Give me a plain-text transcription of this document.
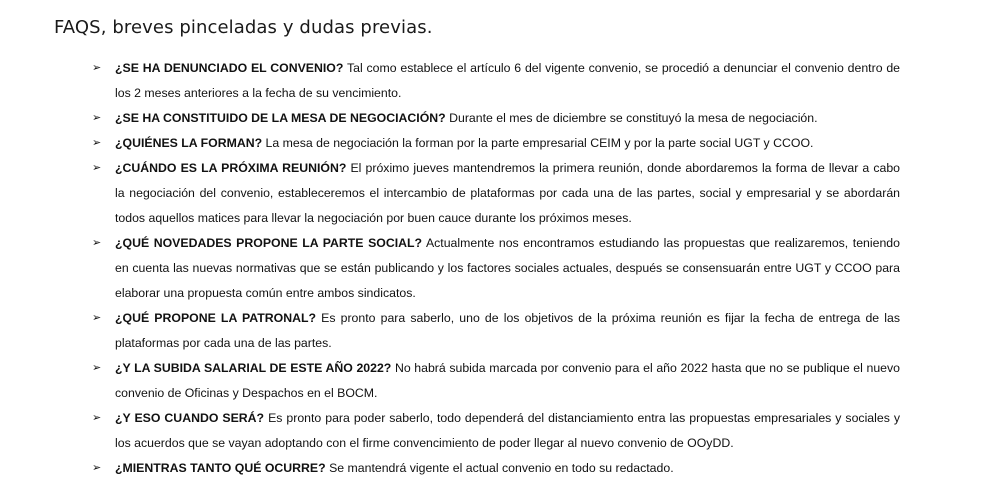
FAQS, breves pinceladas y dudas previas.
➢ ¿SE HA DENUNCIADO EL CONVENIO? Tal como establece el artículo 6 del vigente convenio, se procedió a denunciar el convenio dentro de los 2 meses anteriores a la fecha de su vencimiento.
➢ ¿SE HA CONSTITUIDO DE LA MESA DE NEGOCIACIÓN? Durante el mes de diciembre se constituyó la mesa de negociación.
➢ ¿QUIÉNES LA FORMAN? La mesa de negociación la forman por la parte empresarial CEIM y por la parte social UGT y CCOO.
➢ ¿CUÁNDO ES LA PRÓXIMA REUNIÓN? El próximo jueves mantendremos la primera reunión, donde abordaremos la forma de llevar a cabo la negociación del convenio, estableceremos el intercambio de plataformas por cada una de las partes, social y empresarial y se abordarán todos aquellos matices para llevar la negociación por buen cauce durante los próximos meses.
➢ ¿QUÉ NOVEDADES PROPONE LA PARTE SOCIAL? Actualmente nos encontramos estudiando las propuestas que realizaremos, teniendo en cuenta las nuevas normativas que se están publicando y los factores sociales actuales, después se consensuarán entre UGT y CCOO para elaborar una propuesta común entre ambos sindicatos.
➢ ¿QUÉ PROPONE LA PATRONAL? Es pronto para saberlo, uno de los objetivos de la próxima reunión es fijar la fecha de entrega de las plataformas por cada una de las partes.
➢ ¿Y LA SUBIDA SALARIAL DE ESTE AÑO 2022? No habrá subida marcada por convenio para el año 2022 hasta que no se publique el nuevo convenio de Oficinas y Despachos en el BOCM.
➢ ¿Y ESO CUANDO SERÁ? Es pronto para poder saberlo, todo dependerá del distanciamiento entra las propuestas empresariales y sociales y los acuerdos que se vayan adoptando con el firme convencimiento de poder llegar al nuevo convenio de OOyDD.
➢ ¿MIENTRAS TANTO QUÉ OCURRE? Se mantendrá vigente el actual convenio en todo su redactado.
